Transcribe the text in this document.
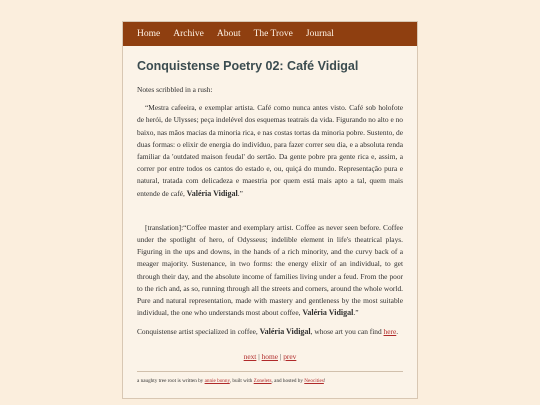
Home Archive About The Trove Journal
Conquistense Poetry 02: Café Vidigal

Notes scribbled in a rush:

“Mestra cafeeira, e exemplar artista. Café como nunca antes visto. Café sob holofote de herói, de Ulysses; peça indelével dos esquemas teatrais da vida. Figurando no alto e no baixo, nas mãos macias da minoria rica, e nas costas tortas da minoria pobre. Sustento, de duas formas: o elixir de energia do indivíduo, para fazer correr seu dia, e a absoluta renda familiar da 'outdated maison feudal' do sertão. Da gente pobre pra gente rica e, assim, a correr por entre todos os cantos do estado e, ou, quiçá do mundo. Representação pura e natural, tratada com delicadeza e maestria por quem está mais apto a tal, quem mais entende de café, Valéria Vidigal.”

[translation]:“Coffee master and exemplary artist. Coffee as never seen before. Coffee under the spotlight of hero, of Odysseus; indelible element in life's theatrical plays. Figuring in the ups and downs, in the hands of a rich minority, and the curvy back of a meager majority. Sustenance, in two forms: the energy elixir of an individual, to get through their day, and the absolute income of families living under a feud. From the poor to the rich and, as so, running through all the streets and corners, around the whole world. Pure and natural representation, made with mastery and gentleness by the most suitable individual, the one who understands most about coffee, Valéria Vidigal.”

Conquistense artist specialized in coffee, Valéria Vidigal, whose art you can find here.

next | home | prev
a naughty tree root is written by annie bonny, built with Zonelets, and hosted by Neocities!
